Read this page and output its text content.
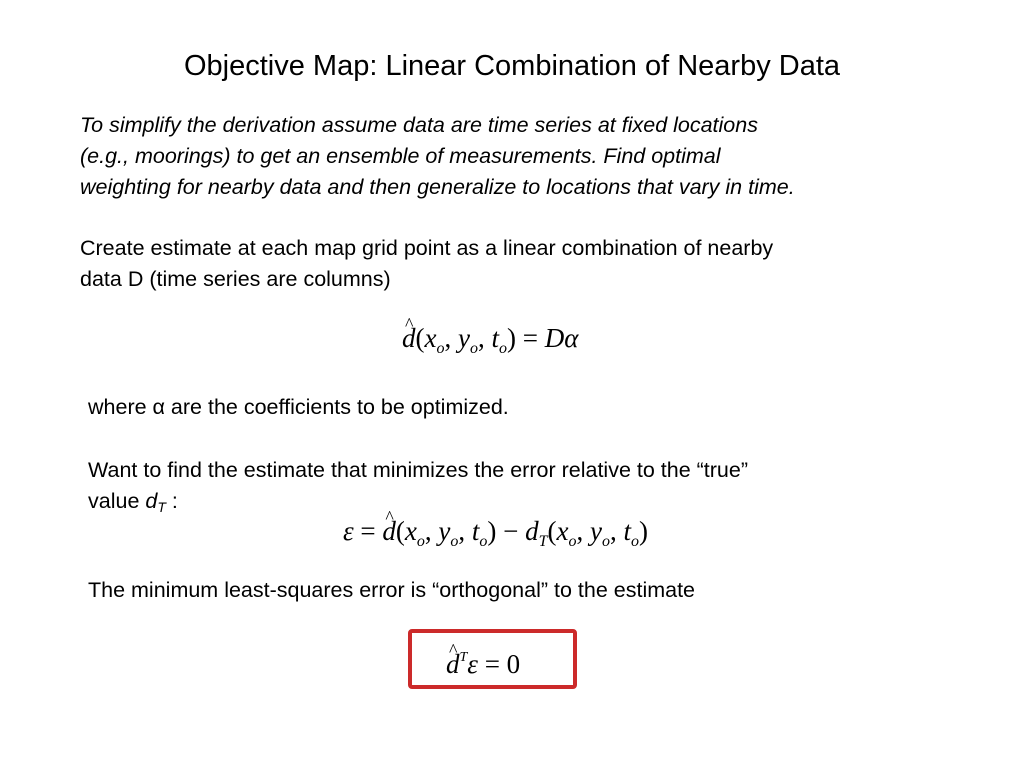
Objective Map: Linear Combination of Nearby Data
To simplify the derivation assume data are time series at fixed locations
(e.g., moorings) to get an ensemble of measurements. Find optimal
weighting for nearby data and then generalize to locations that vary in time.
Create estimate at each map grid point as a linear combination of nearby
data D (time series are columns)
^ $d(x_o$, $y_o$, $t_o) = D\alpha$
where α are the coefficients to be optimized.
Want to find the estimate that minimizes the error relative to the “true”
value $d_T$ :
ε = ^ $d(x_o$, $y_o$, $t_o) - d_T(x_o$, $y_o$, $t_o$)
The minimum least-squares error is “orthogonal” to the estimate
^ $d^T\varepsilon = 0$
